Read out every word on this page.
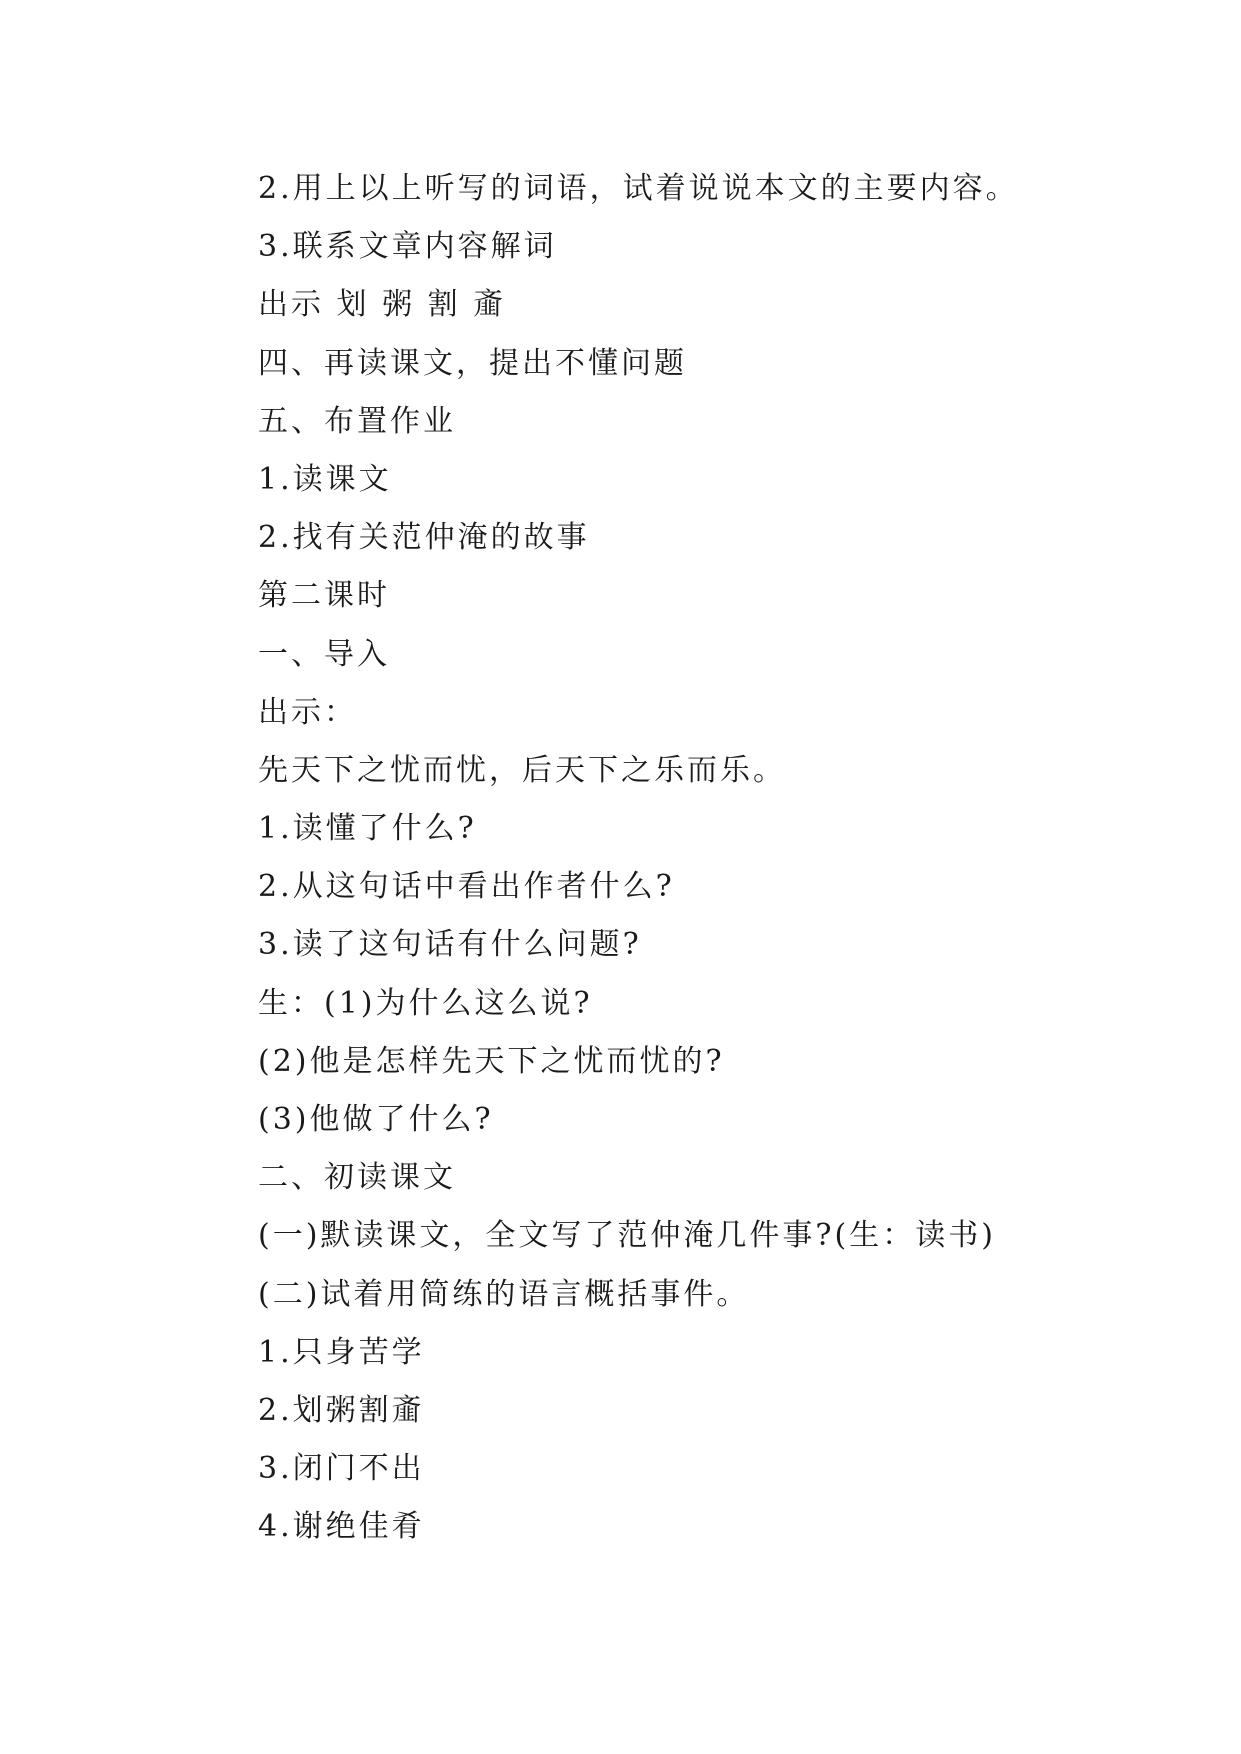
2.用上以上听写的词语，试着说说本文的主要内容。

3.联系文章内容解词

出示 划 粥 割 齑

四、再读课文，提出不懂问题

五、布置作业

1.读课文

2.找有关范仲淹的故事

第二课时

一、导入

出示：

先天下之忧而忧，后天下之乐而乐。

1.读懂了什么?

2.从这句话中看出作者什么?

3.读了这句话有什么问题?

生：(1)为什么这么说?

(2)他是怎样先天下之忧而忧的?

(3)他做了什么?

二、初读课文

(一)默读课文，全文写了范仲淹几件事?(生：读书)

(二)试着用简练的语言概括事件。

1.只身苦学

2.划粥割齑

3.闭门不出

4.谢绝佳肴
